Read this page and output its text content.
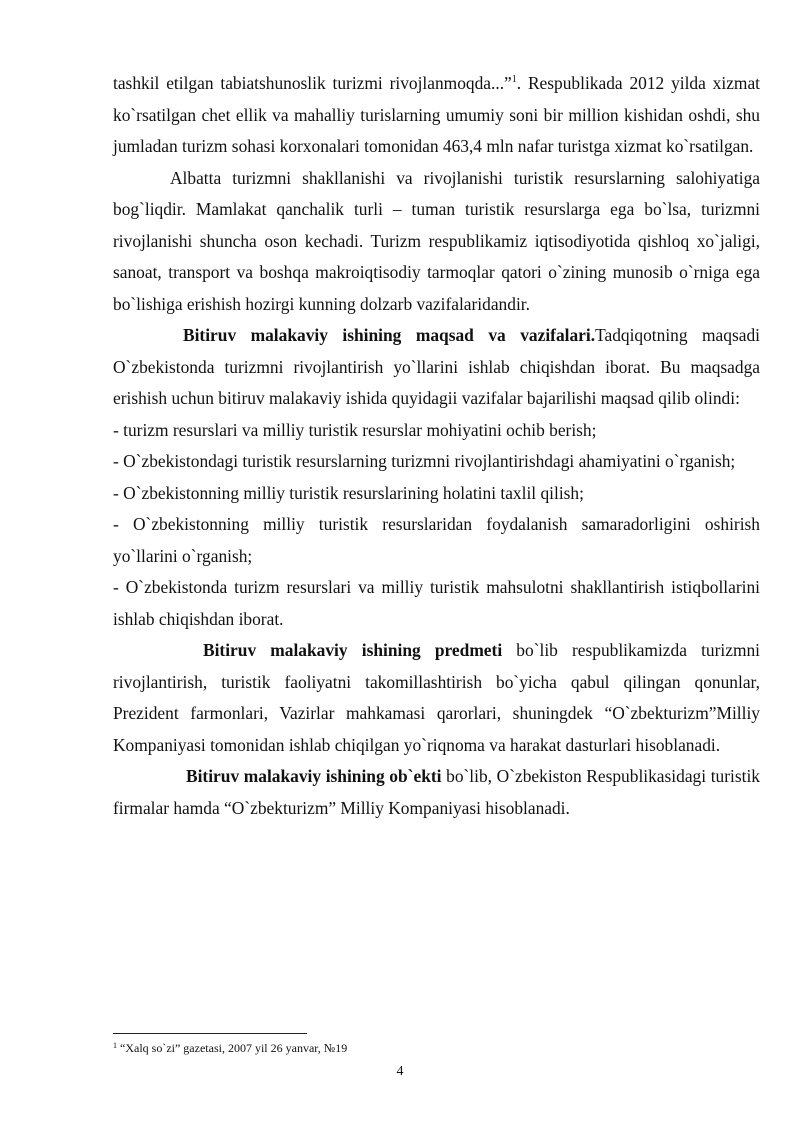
tashkil etilgan tabiatshunoslik turizmi rivojlanmoqda...”$^1$. Respublikada 2012 yilda xizmat ko`rsatilgan chet ellik va mahalliy turislarning umumiy soni bir million kishidan oshdi, shu jumladan turizm sohasi korxonalari tomonidan 463,4 mln nafar turistga xizmat ko`rsatilgan.

Albatta turizmni shakllanishi va rivojlanishi turistik resurslarning salohiyatiga bog`liqdir. Mamlakat qanchalik turli – tuman turistik resurslarga ega bo`lsa, turizmni rivojlanishi shuncha oson kechadi. Turizm respublikamiz iqtisodiyotida qishloq xo`jaligi, sanoat, transport va boshqa makroiqtisodiy tarmoqlar qatori o`zining munosib o`rniga ega bo`lishiga erishish hozirgi kunning dolzarb vazifalaridandir.

Bitiruv malakaviy ishining maqsad va vazifalari.Tadqiqotning maqsadi O`zbekistonda turizmni rivojlantirish yo`llarini ishlab chiqishdan iborat. Bu maqsadga erishish uchun bitiruv malakaviy ishida quyidagii vazifalar bajarilishi maqsad qilib olindi:

- turizm resurslari va milliy turistik resurslar mohiyatini ochib berish;

- O`zbekistondagi turistik resurslarning turizmni rivojlantirishdagi ahamiyatini o`rganish;

- O`zbekistonning milliy turistik resurslarining holatini taxlil qilish;

- O`zbekistonning milliy turistik resurslaridan foydalanish samaradorligini oshirish yo`llarini o`rganish;

- O`zbekistonda turizm resurslari va milliy turistik mahsulotni shakllantirish istiqbollarini ishlab chiqishdan iborat.

Bitiruv malakaviy ishining predmeti bo`lib respublikamizda turizmni rivojlantirish, turistik faoliyatni takomillashtirish bo`yicha qabul qilingan qonunlar, Prezident farmonlari, Vazirlar mahkamasi qarorlari, shuningdek “O`zbekturizm”Milliy Kompaniyasi tomonidan ishlab chiqilgan yo`riqnoma va harakat dasturlari hisoblanadi.

Bitiruv malakaviy ishining ob`ekti bo`lib, O`zbekiston Respublikasidagi turistik firmalar hamda “O`zbekturizm” Milliy Kompaniyasi hisoblanadi.

$^1$ “Xalq so`zi” gazetasi, 2007 yil 26 yanvar, №19
4
